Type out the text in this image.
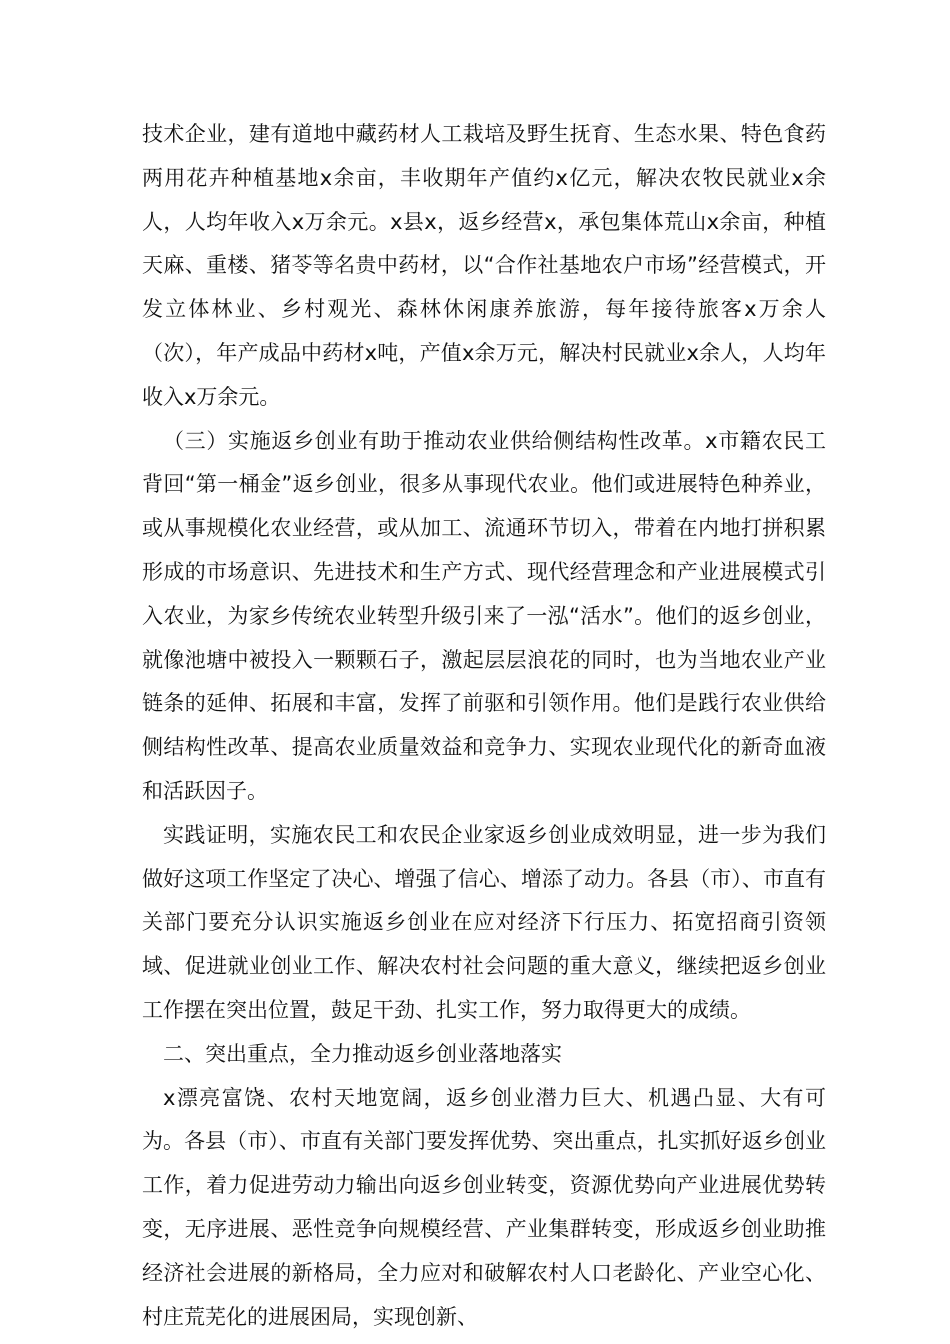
技术企业，建有道地中藏药材人工栽培及野生抚育、生态水果、特色食药两用花卉种植基地x余亩，丰收期年产值约x亿元，解决农牧民就业x余人，人均年收入x万余元。x县x，返乡经营x，承包集体荒山x余亩，种植天麻、重楼、猪苓等名贵中药材，以“合作社基地农户市场”经营模式，开发立体林业、乡村观光、森林休闲康养旅游，每年接待旅客x万余人（次），年产成品中药材x吨，产值x余万元，解决村民就业x余人，人均年收入x万余元。

（三）实施返乡创业有助于推动农业供给侧结构性改革。x市籍农民工背回“第一桶金”返乡创业，很多从事现代农业。他们或进展特色种养业，或从事规模化农业经营，或从加工、流通环节切入，带着在内地打拼积累形成的市场意识、先进技术和生产方式、现代经营理念和产业进展模式引入农业，为家乡传统农业转型升级引来了一泓“活水”。他们的返乡创业，就像池塘中被投入一颗颗石子，激起层层浪花的同时，也为当地农业产业链条的延伸、拓展和丰富，发挥了前驱和引领作用。他们是践行农业供给侧结构性改革、提高农业质量效益和竞争力、实现农业现代化的新奇血液和活跃因子。

实践证明，实施农民工和农民企业家返乡创业成效明显，进一步为我们做好这项工作坚定了决心、增强了信心、增添了动力。各县（市）、市直有关部门要充分认识实施返乡创业在应对经济下行压力、拓宽招商引资领域、促进就业创业工作、解决农村社会问题的重大意义，继续把返乡创业工作摆在突出位置，鼓足干劲、扎实工作，努力取得更大的成绩。

二、突出重点，全力推动返乡创业落地落实

x漂亮富饶、农村天地宽阔，返乡创业潜力巨大、机遇凸显、大有可为。各县（市）、市直有关部门要发挥优势、突出重点，扎实抓好返乡创业工作，着力促进劳动力输出向返乡创业转变，资源优势向产业进展优势转变，无序进展、恶性竞争向规模经营、产业集群转变，形成返乡创业助推经济社会进展的新格局，全力应对和破解农村人口老龄化、产业空心化、村庄荒芜化的进展困局，实现创新、
